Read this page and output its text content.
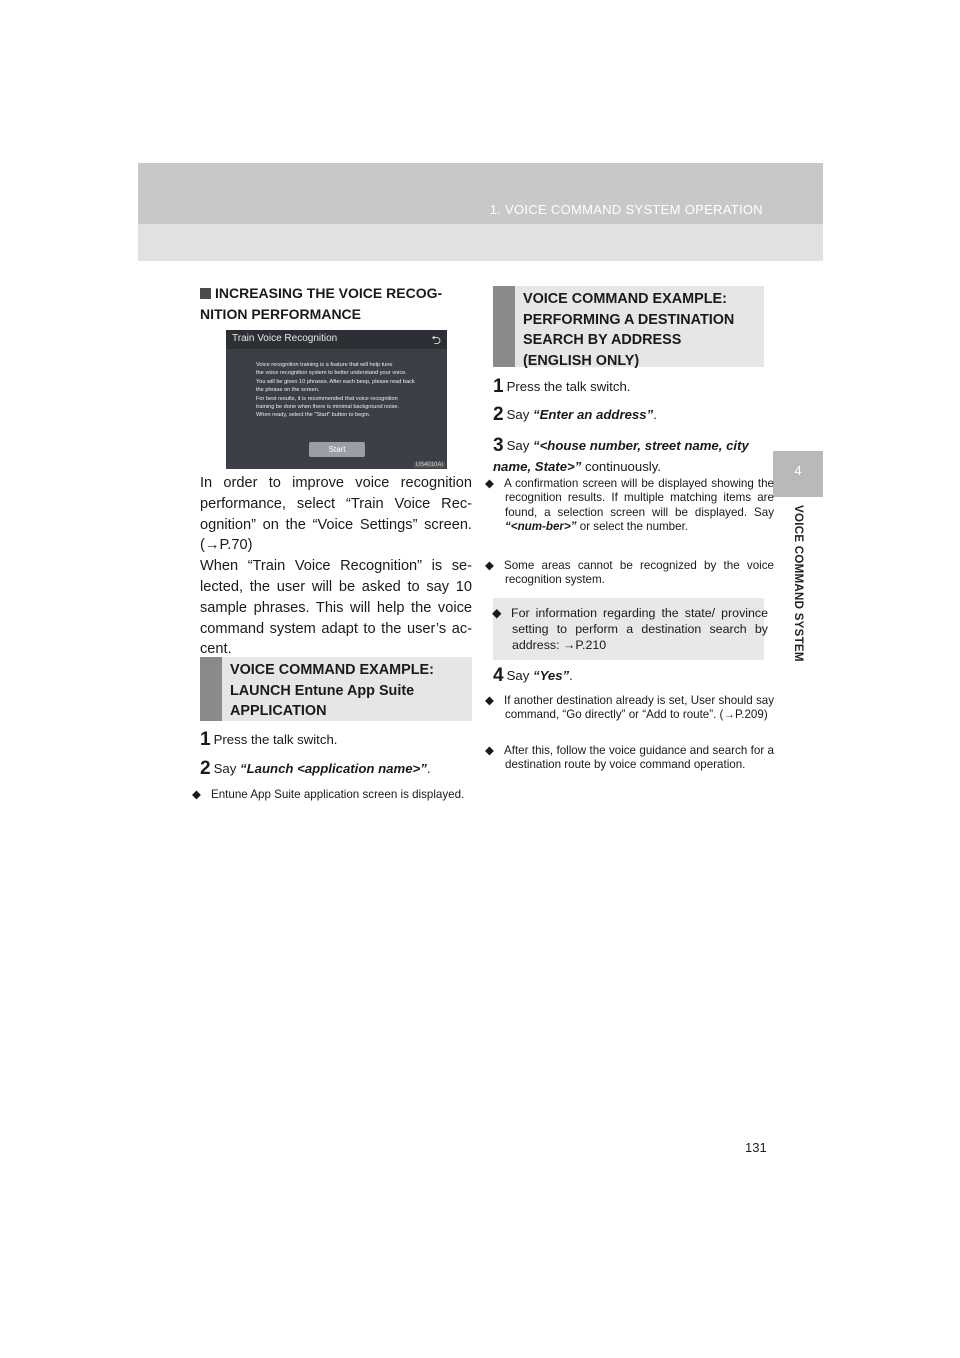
1. VOICE COMMAND SYSTEM OPERATION
4
VOICE COMMAND SYSTEM
INCREASING THE VOICE RECOG-NITION PERFORMANCE
Train Voice Recognition	⮌
Voice recognition training is a feature that will help tune
the voice recognition system to better understand your voice.
You will be given 10 phrases. After each beep, please read back
the phrase on the screen.
For best results, it is recommended that voice recognition
training be done when there is minimal background noise.
When ready, select the "Start" button to begin.
Start
US4010AI

In order to improve voice recognition performance, select “Train Voice Rec-ognition” on the “Voice Settings” screen. (→P.70)

When “Train Voice Recognition” is se-lected, the user will be asked to say 10 sample phrases. This will help the voice command system adapt to the user’s ac-cent.

VOICE COMMAND EXAMPLE: LAUNCH Entune App Suite APPLICATION
1 Press the talk switch.
2 Say “Launch <application name>”.
◆ Entune App Suite application screen is displayed.
VOICE COMMAND EXAMPLE: PERFORMING A DESTINATION SEARCH BY ADDRESS (ENGLISH ONLY)
1 Press the talk switch.
2 Say “Enter an address”.
3 Say “<house number, street name, city name, State>” continuously.
◆ A confirmation screen will be displayed showing the recognition results. If multiple matching items are found, a selection screen will be displayed. Say “<num-ber>” or select the number.
◆ Some areas cannot be recognized by the voice recognition system.
◆ For information regarding the state/ province setting to perform a destination search by address: →P.210
4 Say “Yes”.
◆ If another destination already is set, User should say command, “Go directly” or “Add to route”. (→P.209)
◆ After this, follow the voice guidance and search for a destination route by voice command operation.
131
